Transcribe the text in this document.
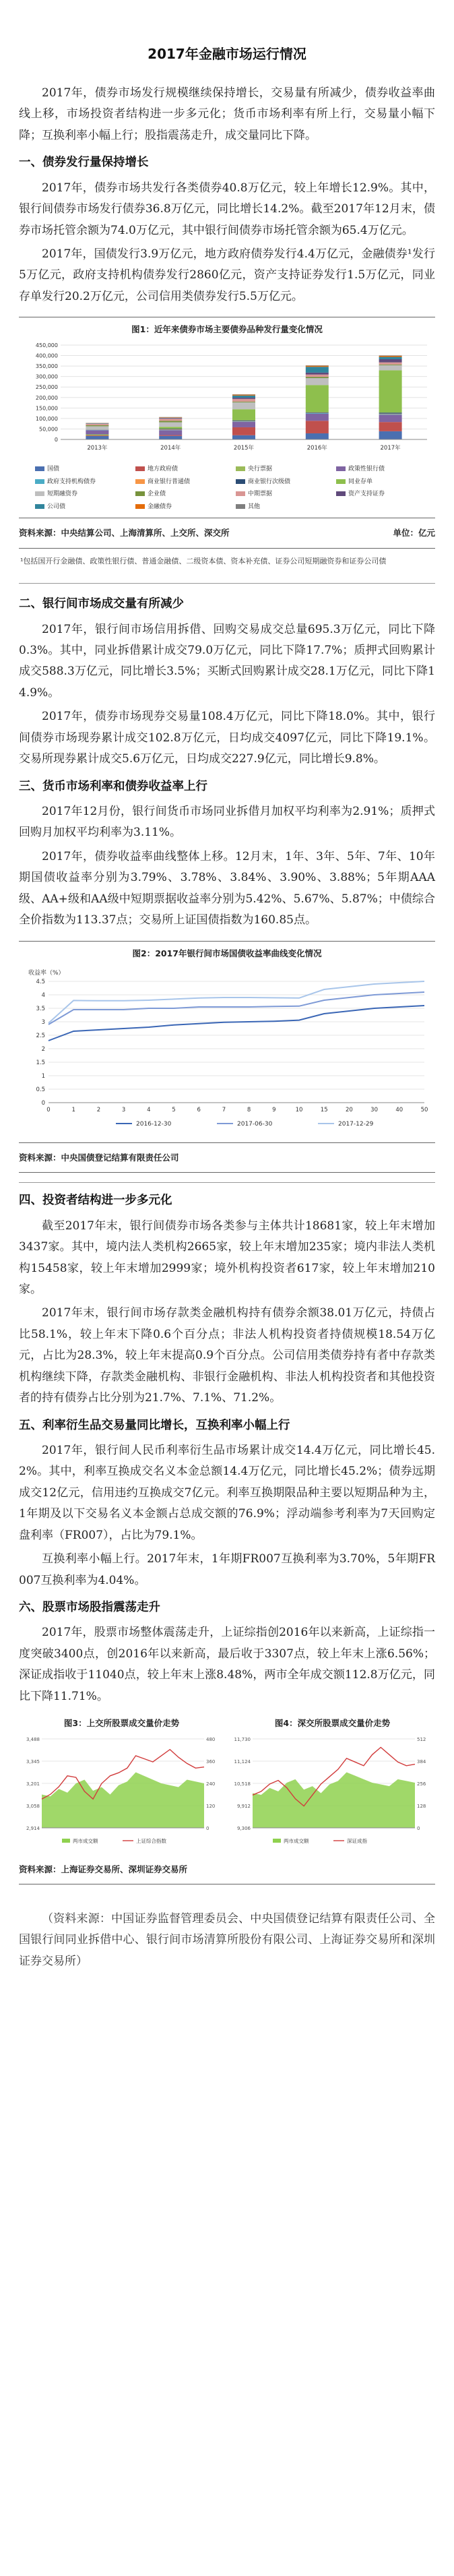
2017年金融市场运行情况

2017年，债券市场发行规模继续保持增长，交易量有所减少，债券收益率曲线上移，市场投资者结构进一步多元化；货币市场利率有所上行，交易量小幅下降；互换利率小幅上行；股指震荡走升，成交量同比下降。

一、债券发行量保持增长

2017年，债券市场共发行各类债券40.8万亿元，较上年增长12.9%。其中，银行间债券市场发行债券36.8万亿元，同比增长14.2%。截至2017年12月末，债券市场托管余额为74.0万亿元，其中银行间债券市场托管余额为65.4万亿元。

2017年，国债发行3.9万亿元，地方政府债券发行4.4万亿元，金融债券¹发行5万亿元，政府支持机构债券发行2860亿元，资产支持证券发行1.5万亿元，同业存单发行20.2万亿元，公司信用类债券发行5.5万亿元。

图1：近年来债券市场主要债券品种发行量变化情况
450,000
400,000
350,000
300,000
250,000
200,000
150,000
100,000
50,000
0
2013年	2014年	2015年	2016年	2017年
国债	地方政府债	央行票据	政策性银行债
政府支持机构债券	商业银行普通债	商业银行次级债	同业存单
短期融资券	企业债	中期票据	资产支持证券
公司债	金融债券	其他
资料来源：中央结算公司、上海清算所、上交所、深交所	单位：亿元
¹包括国开行金融债、政策性银行债、普通金融债、二级资本债、资本补充债、证券公司短期融资券和证券公司债
二、银行间市场成交量有所减少

2017年，银行间市场信用拆借、回购交易成交总量695.3万亿元，同比下降0.3%。其中，同业拆借累计成交79.0万亿元，同比下降17.7%；质押式回购累计成交588.3万亿元，同比增长3.5%；买断式回购累计成交28.1万亿元，同比下降14.9%。

2017年，债券市场现券交易量108.4万亿元，同比下降18.0%。其中，银行间债券市场现券累计成交102.8万亿元，日均成交4097亿元，同比下降19.1%。交易所现券累计成交5.6万亿元，日均成交227.9亿元，同比增长9.8%。

三、货币市场利率和债券收益率上行

2017年12月份，银行间货币市场同业拆借月加权平均利率为2.91%；质押式回购月加权平均利率为3.11%。

2017年，债券收益率曲线整体上移。12月末，1年、3年、5年、7年、10年期国债收益率分别为3.79%、3.78%、3.84%、3.90%、3.88%；5年期AAA级、AA+级和AA级中短期票据收益率分别为5.42%、5.67%、5.87%；中债综合全价指数为113.37点；交易所上证国债指数为160.85点。

图2：2017年银行间市场国债收益率曲线变化情况
收益率（%）
4.5
4
3.5
3
2.5
2
1.5
1
0.5
0
0	1	2	3	4	5	6	7	8	9	10	15	20	30	40	50
2016-12-30	2017-06-30	2017-12-29
资料来源：中央国债登记结算有限责任公司
四、投资者结构进一步多元化

截至2017年末，银行间债券市场各类参与主体共计18681家，较上年末增加3437家。其中，境内法人类机构2665家，较上年末增加235家；境内非法人类机构15458家，较上年末增加2999家；境外机构投资者617家，较上年末增加210家。

2017年末，银行间市场存款类金融机构持有债券余额38.01万亿元，持债占比58.1%，较上年末下降0.6个百分点；非法人机构投资者持债规模18.54万亿元，占比为28.3%，较上年末提高0.9个百分点。公司信用类债券持有者中存款类机构继续下降，存款类金融机构、非银行金融机构、非法人机构投资者和其他投资者的持有债券占比分别为21.7%、7.1%、71.2%。

五、利率衍生品交易量同比增长，互换利率小幅上行

2017年，银行间人民币利率衍生品市场累计成交14.4万亿元，同比增长45.2%。其中，利率互换成交名义本金总额14.4万亿元，同比增长45.2%；债券远期成交12亿元，信用违约互换成交7亿元。利率互换期限品种主要以短期品种为主，1年期及以下交易名义本金额占总成交额的76.9%；浮动端参考利率为7天回购定盘利率（FR007），占比为79.1%。

互换利率小幅上行。2017年末，1年期FR007互换利率为3.70%，5年期FR007互换利率为4.04%。

六、股票市场股指震荡走升

2017年，股票市场整体震荡走升，上证综指创2016年以来新高，上证综指一度突破3400点，创2016年以来新高，最后收于3307点，较上年末上涨6.56%；深证成指收于11040点，较上年末上涨8.48%，两市全年成交额112.8万亿元，同比下降11.71%。

图3：上交所股票成交量价走势
3,488	480
3,345	360
3,201	240
3,058	120
2,914	0
两市成交额	上证综合指数
图4：深交所股票成交量价走势
11,730	512
11,124	384
10,518	256
9,912	128
9,306	0
两市成交额	深证成指
资料来源：上海证券交易所、深圳证券交易所

（资料来源：中国证券监督管理委员会、中央国债登记结算有限责任公司、全国银行间同业拆借中心、银行间市场清算所股份有限公司、上海证券交易所和深圳证券交易所）
